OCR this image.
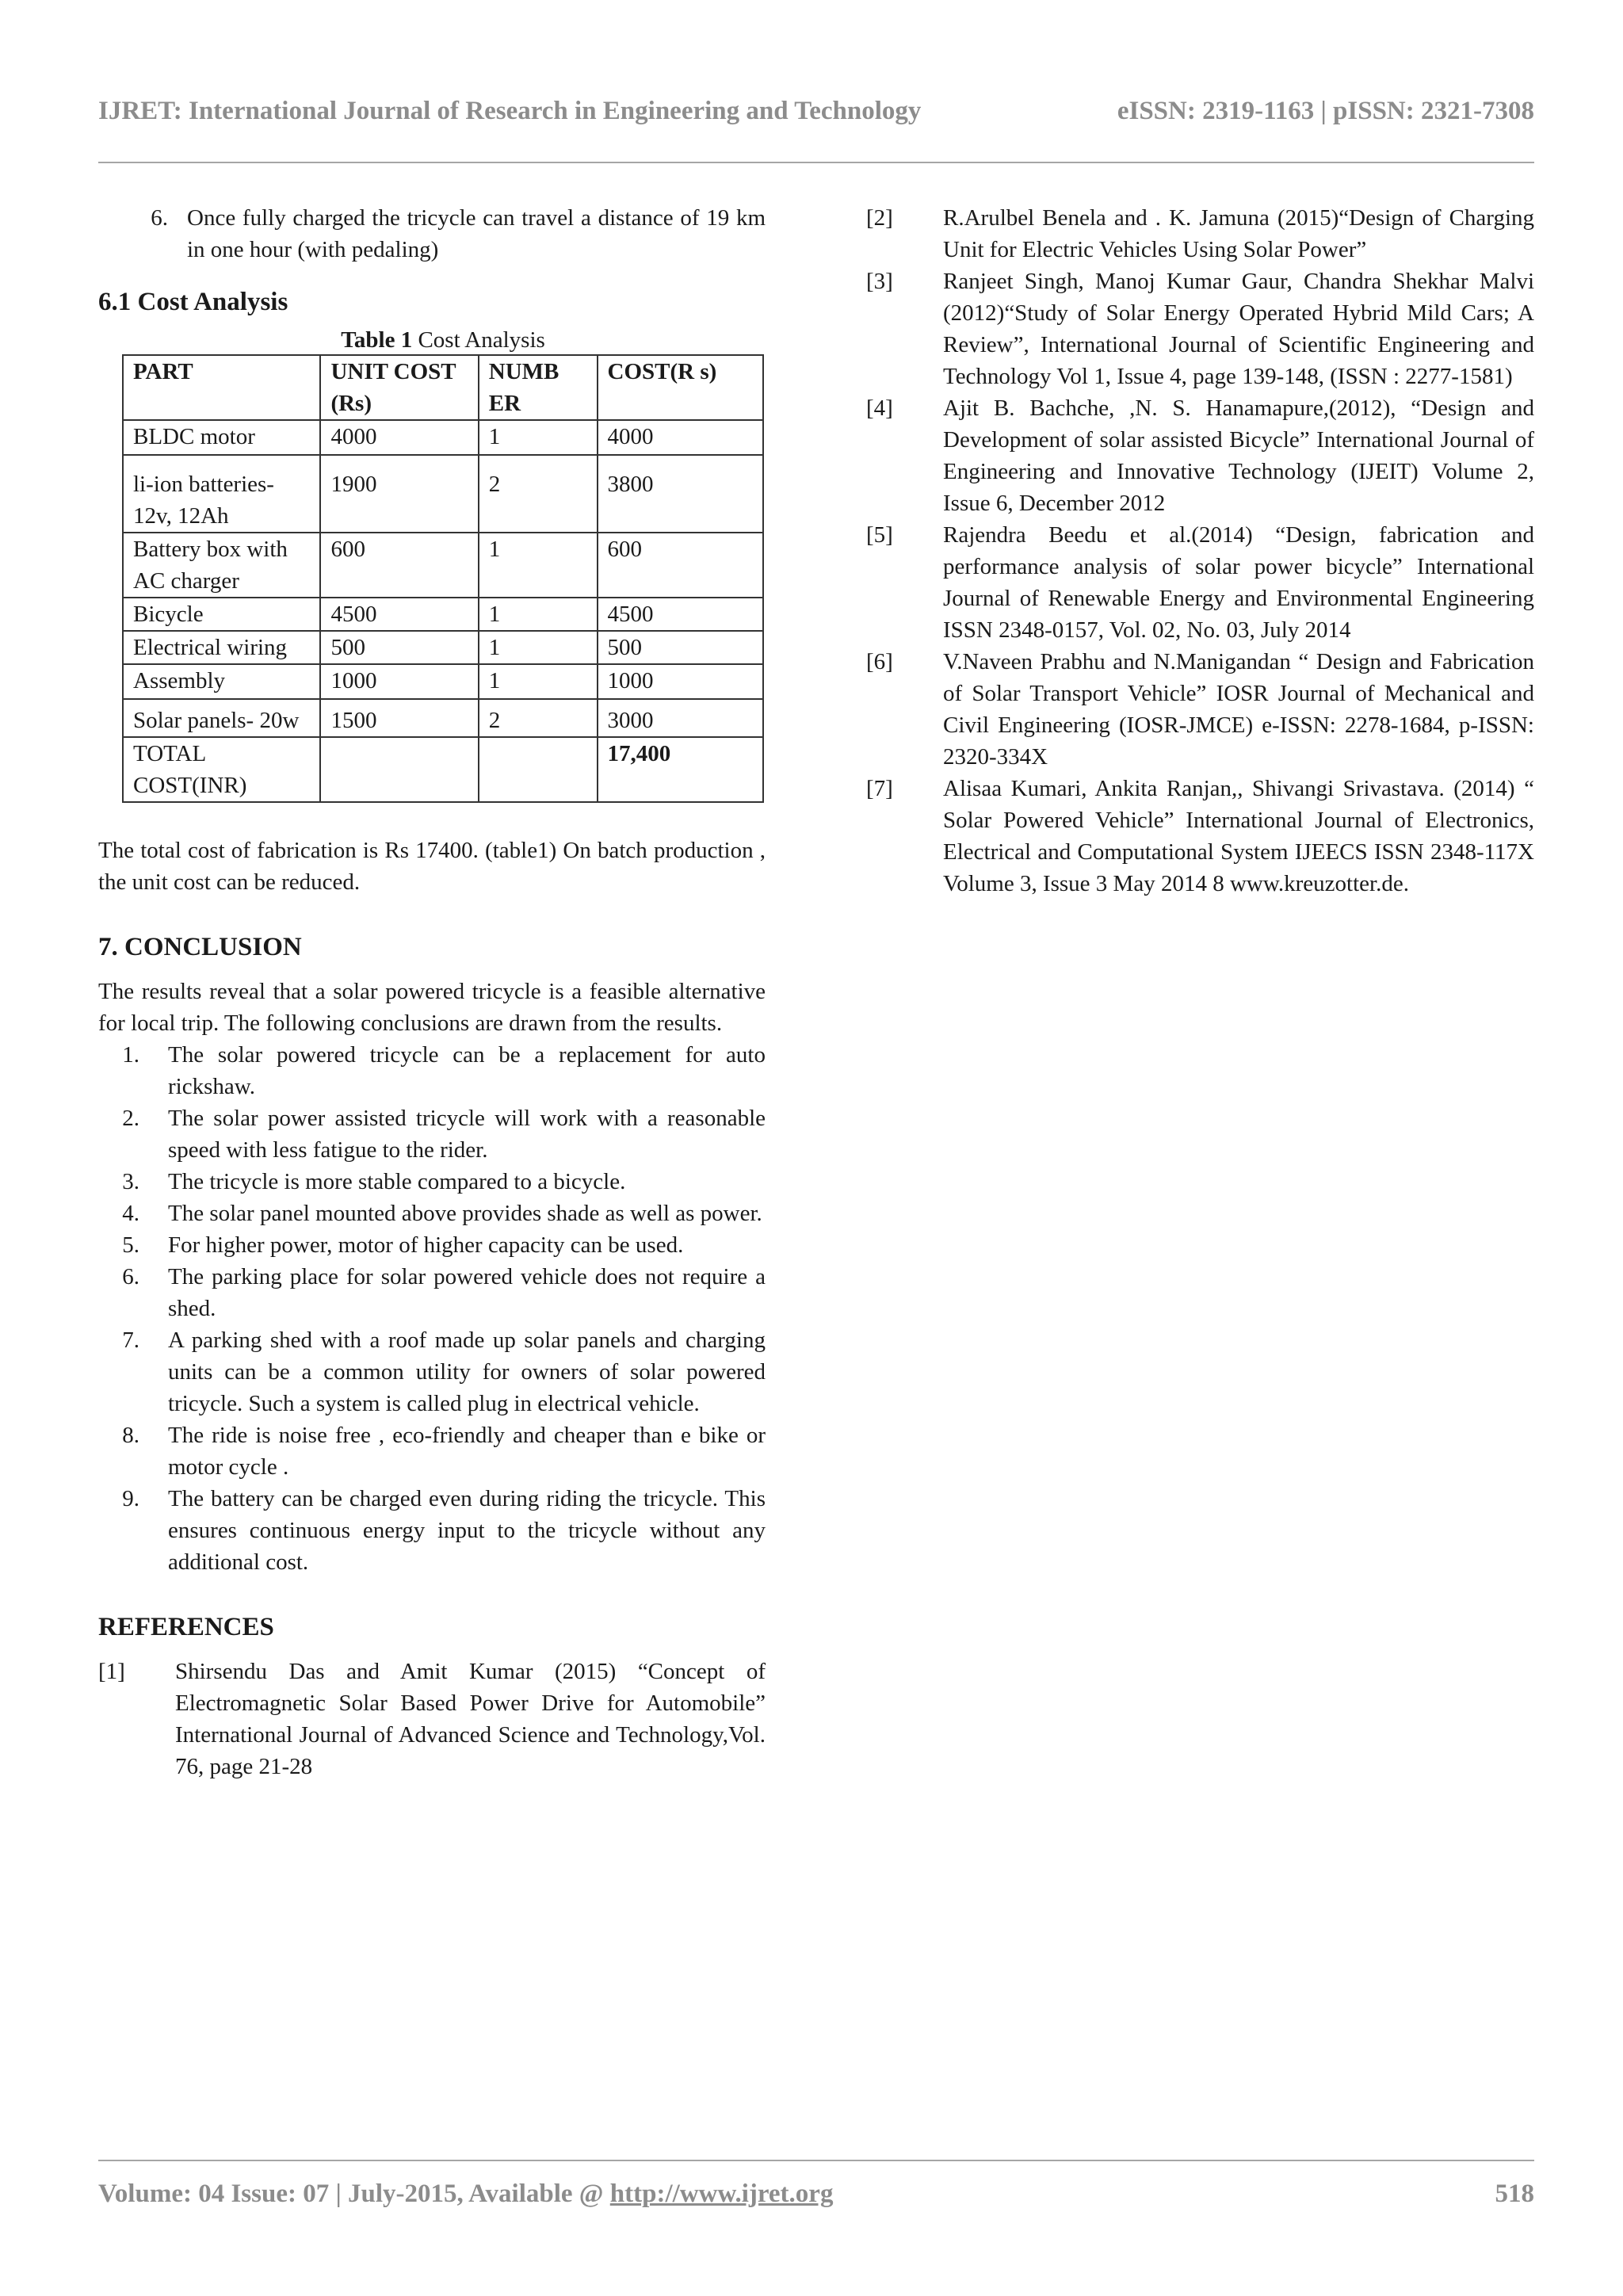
IJRET: International Journal of Research in Engineering and Technology	eISSN: 2319-1163 | pISSN: 2321-7308
6. Once fully charged the tricycle can travel a distance of 19 km in one hour (with pedaling)
6.1 Cost Analysis

Table 1 Cost Analysis

PART	UNIT COST (Rs)	NUMB ER	COST(R s)
BLDC motor	4000	1	4000
li-ion batteries- 12v, 12Ah	1900	2	3800
Battery box with AC charger	600	1	600
Bicycle	4500	1	4500
Electrical wiring	500	1	500
Assembly	1000	1	1000
Solar panels- 20w	1500	2	3000
TOTAL COST(INR)			17,400

The total cost of fabrication is Rs 17400. (table1) On batch production , the unit cost can be reduced.

7. CONCLUSION

The results reveal that a solar powered tricycle is a feasible alternative for local trip. The following conclusions are drawn from the results.

1.	The solar powered tricycle can be a replacement for auto rickshaw.
2.	The solar power assisted tricycle will work with a reasonable speed with less fatigue to the rider.
3.	The tricycle is more stable compared to a bicycle.
4.	The solar panel mounted above provides shade as well as power.
5.	For higher power, motor of higher capacity can be used.
6.	The parking place for solar powered vehicle does not require a shed.
7.	A parking shed with a roof made up solar panels and charging units can be a common utility for owners of solar powered tricycle. Such a system is called plug in electrical vehicle.
8.	The ride is noise free , eco-friendly and cheaper than e bike or motor cycle .
9.	The battery can be charged even during riding the tricycle. This ensures continuous energy input to the tricycle without any additional cost.
REFERENCES
[1]	Shirsendu Das and Amit Kumar (2015) “Concept of Electromagnetic Solar Based Power Drive for Automobile” International Journal of Advanced Science and Technology,Vol. 76, page 21-28
[2]	R.Arulbel Benela and . K. Jamuna (2015)“Design of Charging Unit for Electric Vehicles Using Solar Power”
[3]	Ranjeet Singh, Manoj Kumar Gaur, Chandra Shekhar Malvi (2012)“Study of Solar Energy Operated Hybrid Mild Cars; A Review”, International Journal of Scientific Engineering and Technology Vol 1, Issue 4, page 139-148, (ISSN : 2277-1581)
[4]	Ajit B. Bachche, ,N. S. Hanamapure,(2012), “Design and Development of solar assisted Bicycle” International Journal of Engineering and Innovative Technology (IJEIT) Volume 2, Issue 6, December 2012
[5]	Rajendra Beedu et al.(2014) “Design, fabrication and performance analysis of solar power bicycle” International Journal of Renewable Energy and Environmental Engineering ISSN 2348-0157, Vol. 02, No. 03, July 2014
[6]	V.Naveen Prabhu and N.Manigandan “ Design and Fabrication of Solar Transport Vehicle” IOSR Journal of Mechanical and Civil Engineering (IOSR-JMCE) e-ISSN: 2278-1684, p-ISSN: 2320-334X
[7]	Alisaa Kumari, Ankita Ranjan,, Shivangi Srivastava. (2014) “ Solar Powered Vehicle” International Journal of Electronics, Electrical and Computational System IJEECS ISSN 2348-117X Volume 3, Issue 3 May 2014 8 www.kreuzotter.de.
Volume: 04 Issue: 07 | July-2015, Available @ http://www.ijret.org	518
